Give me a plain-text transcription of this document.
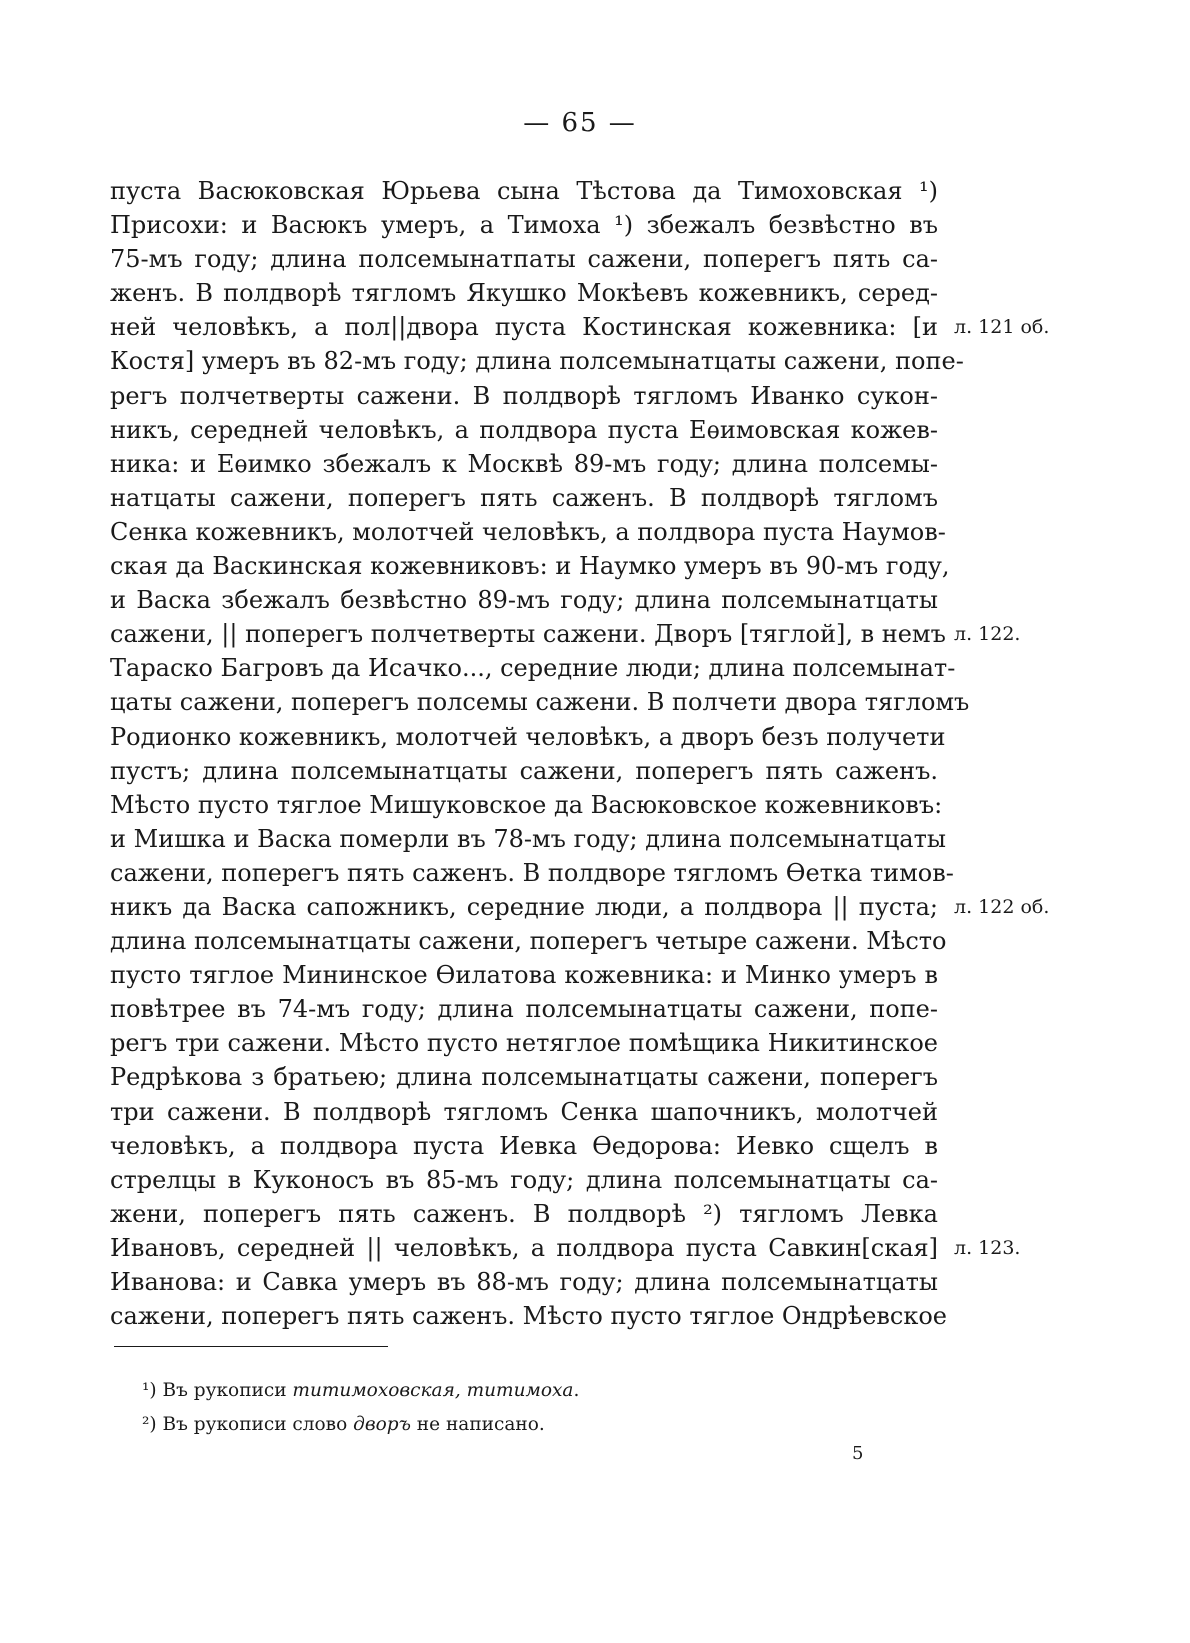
— 65 —
пуста Васюковская Юрьева сына Тѣстова да Тимоховская ¹)
Присохи: и Васюкъ умеръ, а Тимоха ¹) збежалъ безвѣстно въ
75-мъ году; длина полсемынатпаты сажени, поперегъ пять са-
женъ. В полдворѣ тягломъ Якушко Мокѣевъ кожевникъ, серед-
ней человѣкъ, а пол||двора пуста Костинская кожевника: [и
Костя] умеръ въ 82-мъ году; длина полсемынатцаты сажени, попе-
регъ полчетверты сажени. В полдворѣ тягломъ Иванко сукон-
никъ, середней человѣкъ, а полдвора пуста Еѳимовская кожев-
ника: и Еѳимко збежалъ к Москвѣ 89-мъ году; длина полсемы-
натцаты сажени, поперегъ пять саженъ. В полдворѣ тягломъ
Сенка кожевникъ, молотчей человѣкъ, а полдвора пуста Наумов-
ская да Васкинская кожевниковъ: и Наумко умеръ въ 90-мъ году,
и Васка збежалъ безвѣстно 89-мъ году; длина полсемынатцаты
сажени, || поперегъ полчетверты сажени. Дворъ [тяглой], в немъ
Тараско Багровъ да Исачко..., середние люди; длина полсемынат-
цаты сажени, поперегъ полсемы сажени. В полчети двора тягломъ
Родионко кожевникъ, молотчей человѣкъ, а дворъ безъ получети
пустъ; длина полсемынатцаты сажени, поперегъ пять саженъ.
Мѣсто пусто тяглое Мишуковское да Васюковское кожевниковъ:
и Мишка и Васка померли въ 78-мъ году; длина полсемынатцаты
сажени, поперегъ пять саженъ. В полдворе тягломъ Ѳетка тимов-
никъ да Васка сапожникъ, середние люди, а полдвора || пуста;
длина полсемынатцаты сажени, поперегъ четыре сажени. Мѣсто
пусто тяглое Мининское Ѳилатова кожевника: и Минко умеръ в
повѣтрее въ 74-мъ году; длина полсемынатцаты сажени, попе-
регъ три сажени. Мѣсто пусто нетяглое помѣщика Никитинское
Редрѣкова з братьею; длина полсемынатцаты сажени, поперегъ
три сажени. В полдворѣ тягломъ Сенка шапочникъ, молотчей
человѣкъ, а полдвора пуста Иевка Ѳедорова: Иевко сщелъ в
стрелцы в Куконосъ въ 85-мъ году; длина полсемынатцаты са-
жени, поперегъ пять саженъ. В полдворѣ ²) тягломъ Левка
Ивановъ, середней || человѣкъ, а полдвора пуста Савкин[ская]
Иванова: и Савка умеръ въ 88-мъ году; длина полсемынатцаты
сажени, поперегъ пять саженъ. Мѣсто пусто тяглое Ондрѣевское
л. 121 об.
л. 122.
л. 122 об.
л. 123.
¹) Въ рукописи титимоховская, титимоха.
²) Въ рукописи слово дворъ не написано.
5
